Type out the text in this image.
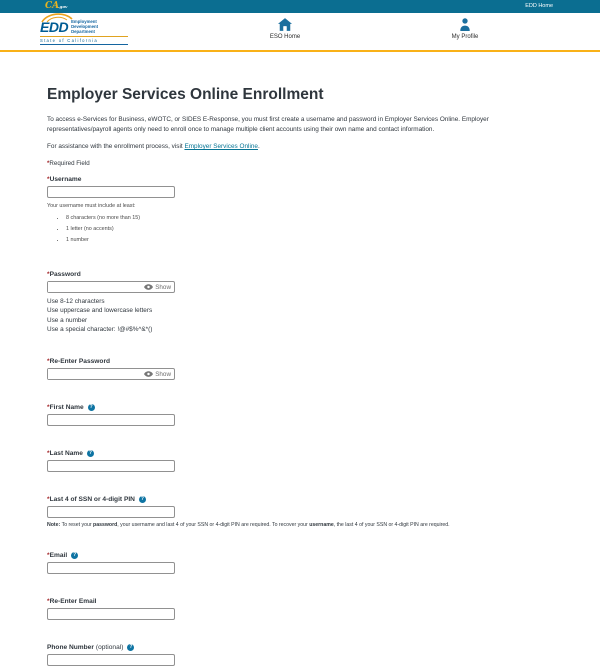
CA.gov	EDD Home
EDD Employment
Development
Department
State of California
ESO Home	My Profile
Employer Services Online Enrollment

To access e-Services for Business, eWOTC, or SIDES E-Response, you must first create a username and password in Employer Services Online. Employer representatives/payroll agents only need to enroll once to manage multiple client accounts using their own name and contact information.

For assistance with the enrollment process, visit Employer Services Online.

*Required Field

* Username
Your username must include at least:
• 8 characters (no more than 15)
• 1 letter (no accents)
• 1 number
* Password
Show
Use 8-12 characters
Use uppercase and lowercase letters
Use a number
Use a special character: !@#$%^&*()
* Re-Enter Password
Show
* First Name	?
* Last Name	?
* Last 4 of SSN or 4-digit PIN	?

Note: To reset your password, your username and last 4 of your SSN or 4-digit PIN are required. To recover your username, the last 4 of your SSN or 4-digit PIN are required.

* Email	?
* Re-Enter Email
Phone Number (optional)	?
